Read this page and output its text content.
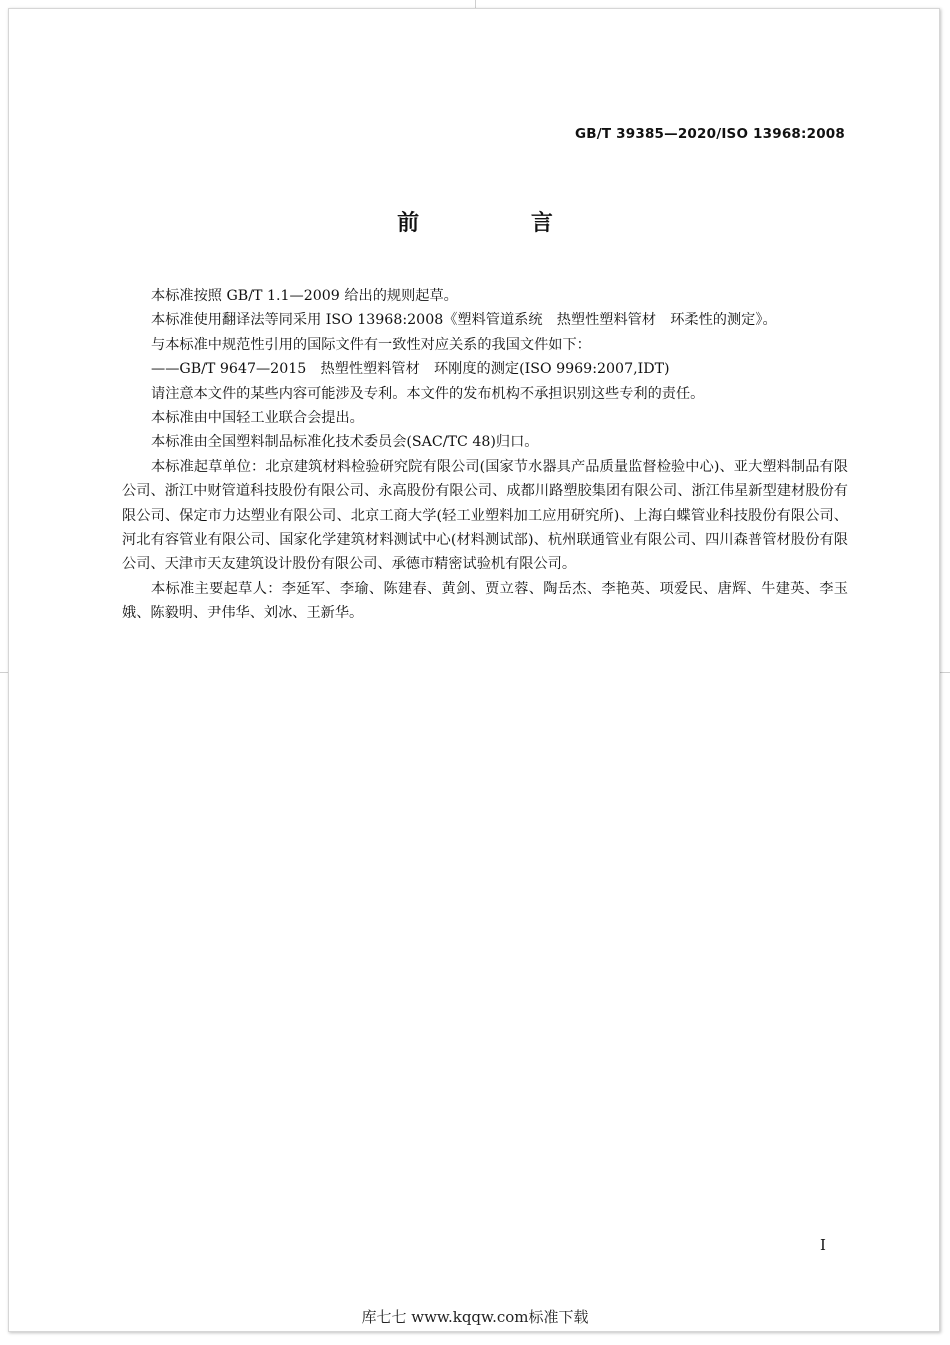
GB/T 39385—2020/ISO 13968:2008
前 言

本标准按照 GB/T 1.1—2009 给出的规则起草。

本标准使用翻译法等同采用 ISO 13968:2008《塑料管道系统　热塑性塑料管材　环柔性的测定》。

与本标准中规范性引用的国际文件有一致性对应关系的我国文件如下：

——GB/T 9647—2015　热塑性塑料管材　环刚度的测定(ISO 9969:2007,IDT)

请注意本文件的某些内容可能涉及专利。本文件的发布机构不承担识别这些专利的责任。

本标准由中国轻工业联合会提出。

本标准由全国塑料制品标准化技术委员会(SAC/TC 48)归口。

本标准起草单位：北京建筑材料检验研究院有限公司(国家节水器具产品质量监督检验中心)、亚大塑料制品有限公司、浙江中财管道科技股份有限公司、永高股份有限公司、成都川路塑胶集团有限公司、浙江伟星新型建材股份有限公司、保定市力达塑业有限公司、北京工商大学(轻工业塑料加工应用研究所)、上海白蝶管业科技股份有限公司、河北有容管业有限公司、国家化学建筑材料测试中心(材料测试部)、杭州联通管业有限公司、四川森普管材股份有限公司、天津市天友建筑设计股份有限公司、承德市精密试验机有限公司。

本标准主要起草人：李延军、李瑜、陈建春、黄剑、贾立蓉、陶岳杰、李艳英、项爱民、唐辉、牛建英、李玉娥、陈毅明、尹伟华、刘冰、王新华。

I
库七七 www.kqqw.com标准下载
